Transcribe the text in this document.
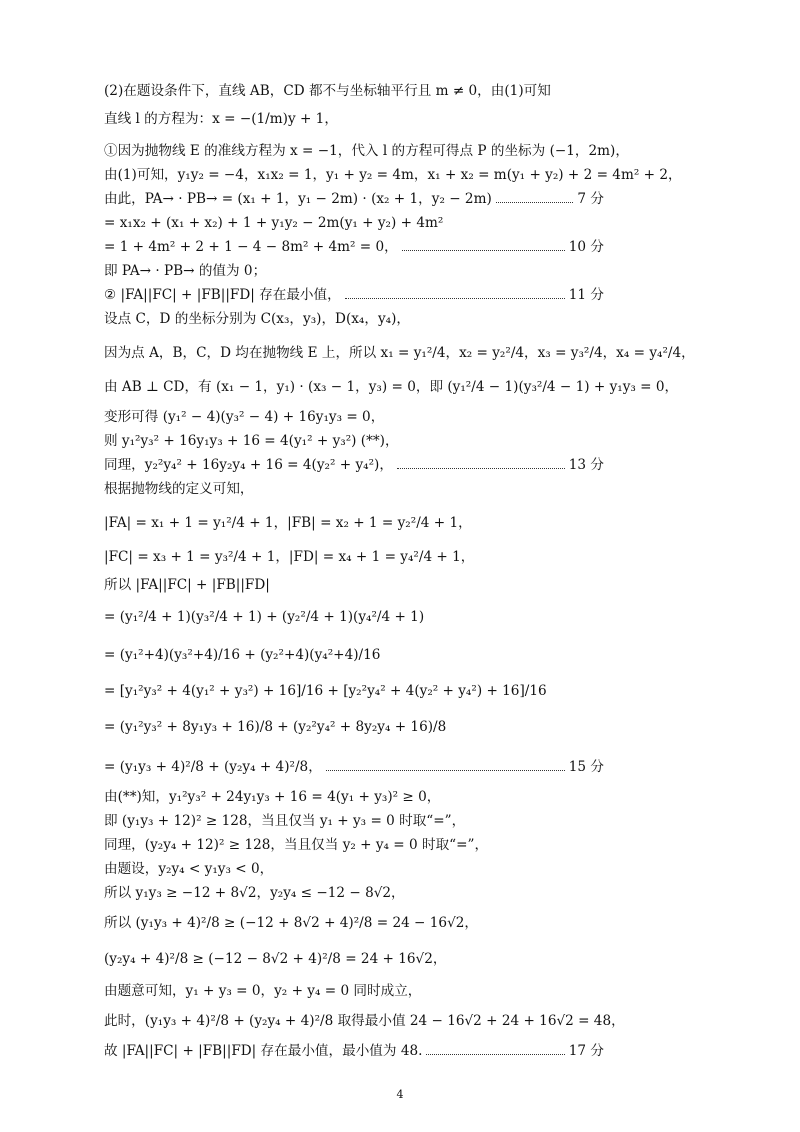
(2)在题设条件下，直线 AB，CD 都不与坐标轴平行且 m ≠ 0，由(1)可知
直线 l 的方程为：x = −(1/m)y + 1，
①因为抛物线 E 的准线方程为 x = −1，代入 l 的方程可得点 P 的坐标为 (−1，2m)，
由(1)可知，y₁y₂ = −4，x₁x₂ = 1，y₁ + y₂ = 4m，x₁ + x₂ = m(y₁ + y₂) + 2 = 4m² + 2，
由此，PA→ · PB→ = (x₁ + 1，y₁ − 2m) · (x₂ + 1，y₂ − 2m)	7 分
= x₁x₂ + (x₁ + x₂) + 1 + y₁y₂ − 2m(y₁ + y₂) + 4m²
= 1 + 4m² + 2 + 1 − 4 − 8m² + 4m² = 0，	10 分
即 PA→ · PB→ 的值为 0；
② |FA||FC| + |FB||FD| 存在最小值，	11 分
设点 C，D 的坐标分别为 C(x₃，y₃)，D(x₄，y₄)，
因为点 A，B，C，D 均在抛物线 E 上，所以 x₁ = y₁²/4，x₂ = y₂²/4，x₃ = y₃²/4，x₄ = y₄²/4，
由 AB ⊥ CD，有 (x₁ − 1，y₁) · (x₃ − 1，y₃) = 0，即 (y₁²/4 − 1)(y₃²/4 − 1) + y₁y₃ = 0，
变形可得 (y₁² − 4)(y₃² − 4) + 16y₁y₃ = 0，
则 y₁²y₃² + 16y₁y₃ + 16 = 4(y₁² + y₃²) (**)，
同理，y₂²y₄² + 16y₂y₄ + 16 = 4(y₂² + y₄²)，	13 分
根据抛物线的定义可知，
|FA| = x₁ + 1 = y₁²/4 + 1，|FB| = x₂ + 1 = y₂²/4 + 1，
|FC| = x₃ + 1 = y₃²/4 + 1，|FD| = x₄ + 1 = y₄²/4 + 1，
所以 |FA||FC| + |FB||FD|
= (y₁²/4 + 1)(y₃²/4 + 1) + (y₂²/4 + 1)(y₄²/4 + 1)
= (y₁²+4)(y₃²+4)/16 + (y₂²+4)(y₄²+4)/16
= [y₁²y₃² + 4(y₁² + y₃²) + 16]/16 + [y₂²y₄² + 4(y₂² + y₄²) + 16]/16
= (y₁²y₃² + 8y₁y₃ + 16)/8 + (y₂²y₄² + 8y₂y₄ + 16)/8
= (y₁y₃ + 4)²/8 + (y₂y₄ + 4)²/8，	15 分
由(**)知，y₁²y₃² + 24y₁y₃ + 16 = 4(y₁ + y₃)² ≥ 0，
即 (y₁y₃ + 12)² ≥ 128，当且仅当 y₁ + y₃ = 0 时取“=”，
同理，(y₂y₄ + 12)² ≥ 128，当且仅当 y₂ + y₄ = 0 时取“=”，
由题设，y₂y₄ < y₁y₃ < 0，
所以 y₁y₃ ≥ −12 + 8√2，y₂y₄ ≤ −12 − 8√2，
所以 (y₁y₃ + 4)²/8 ≥ (−12 + 8√2 + 4)²/8 = 24 − 16√2，
(y₂y₄ + 4)²/8 ≥ (−12 − 8√2 + 4)²/8 = 24 + 16√2，
由题意可知，y₁ + y₃ = 0，y₂ + y₄ = 0 同时成立，
此时，(y₁y₃ + 4)²/8 + (y₂y₄ + 4)²/8 取得最小值 24 − 16√2 + 24 + 16√2 = 48，
故 |FA||FC| + |FB||FD| 存在最小值，最小值为 48.	17 分
4
